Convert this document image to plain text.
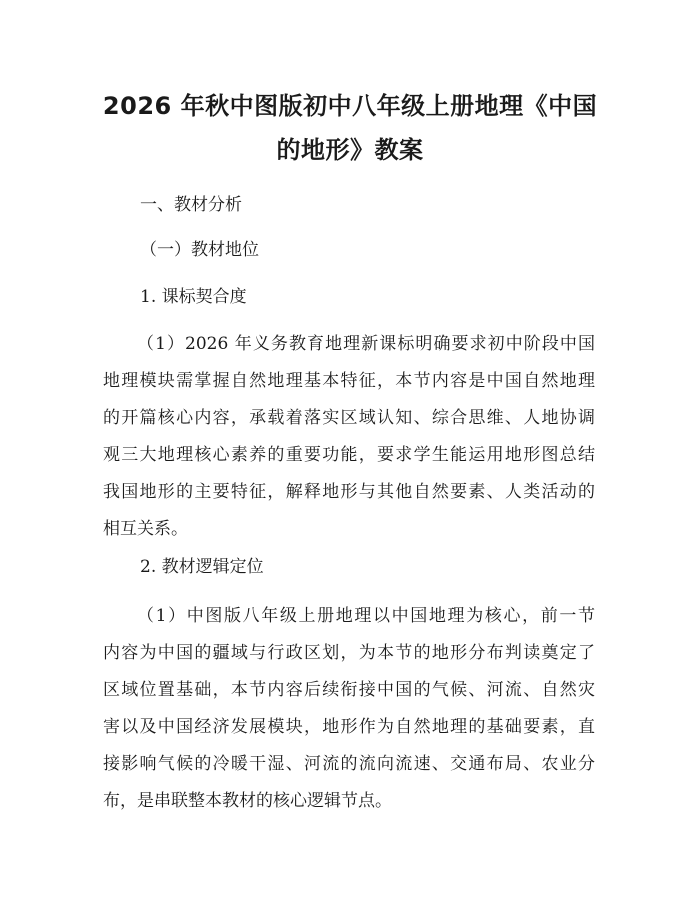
2026 年秋中图版初中八年级上册地理《中国
的地形》教案

一、教材分析

（一）教材地位

1. 课标契合度

（1）2026 年义务教育地理新课标明确要求初中阶段中国
地理模块需掌握自然地理基本特征，本节内容是中国自然地理
的开篇核心内容，承载着落实区域认知、综合思维、人地协调
观三大地理核心素养的重要功能，要求学生能运用地形图总结
我国地形的主要特征，解释地形与其他自然要素、人类活动的
相互关系。

2. 教材逻辑定位

（1）中图版八年级上册地理以中国地理为核心，前一节
内容为中国的疆域与行政区划，为本节的地形分布判读奠定了
区域位置基础，本节内容后续衔接中国的气候、河流、自然灾
害以及中国经济发展模块，地形作为自然地理的基础要素，直
接影响气候的冷暖干湿、河流的流向流速、交通布局、农业分
布，是串联整本教材的核心逻辑节点。
